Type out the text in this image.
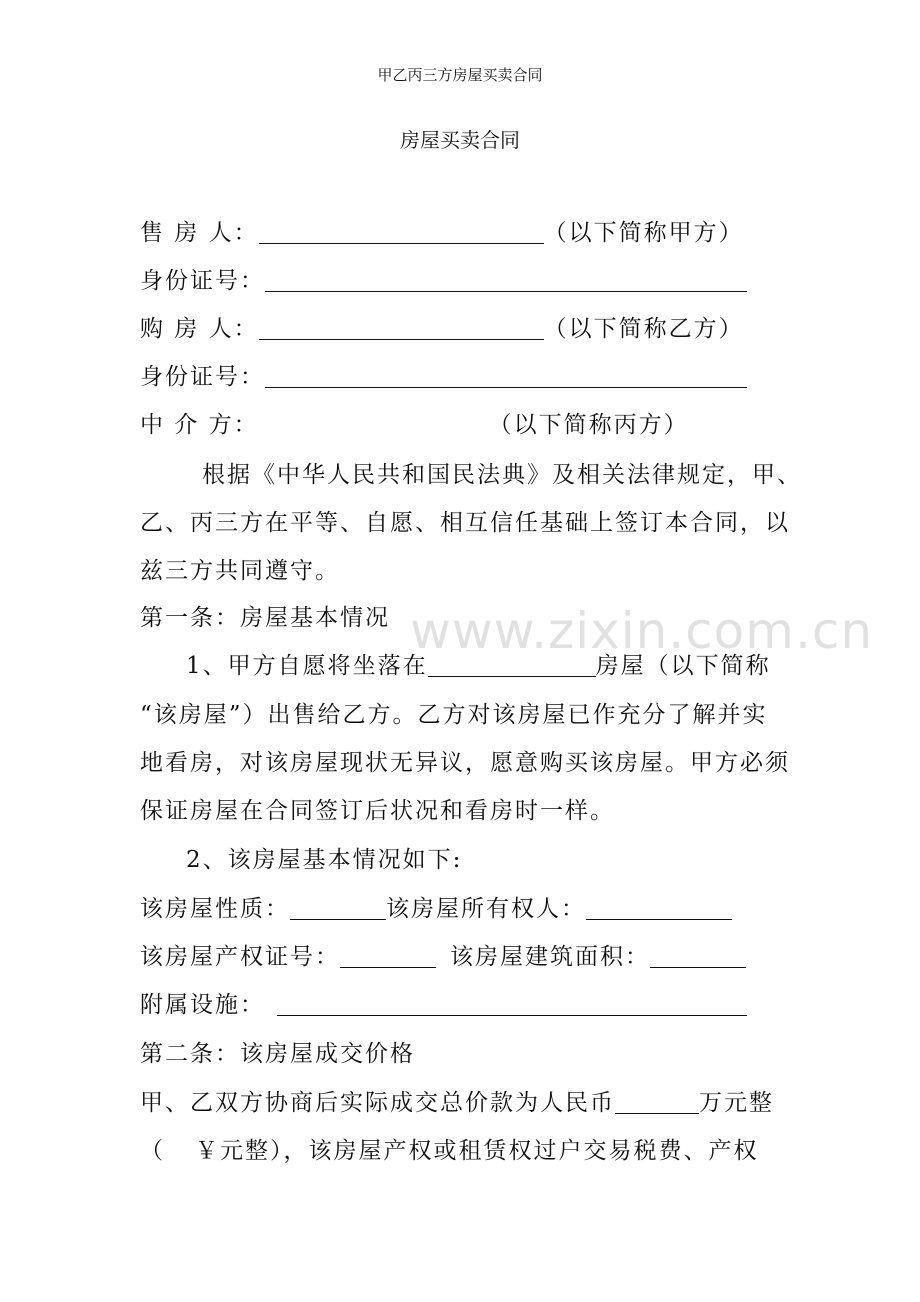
甲乙丙三方房屋买卖合同
房屋买卖合同
售 房 人：	（以下简称甲方）
身份证号：
购 房 人：	（以下简称乙方）
身份证号：
中 介 方：	（以下简称丙方）
根据《中华人民共和国民法典》及相关法律规定，甲、
乙、丙三方在平等、自愿、相互信任基础上签订本合同，以
兹三方共同遵守。
第一条：房屋基本情况
1、甲方自愿将坐落在	房屋（以下简称
“该房屋”）出售给乙方。乙方对该房屋已作充分了解并实
地看房，对该房屋现状无异议，愿意购买该房屋。甲方必须
保证房屋在合同签订后状况和看房时一样。
2、该房屋基本情况如下:
该房屋性质：	该房屋所有权人：
该房屋产权证号：	该房屋建筑面积：
附属设施：
第二条：该房屋成交价格
甲、乙双方协商后实际成交总价款为人民币	万元整
（ ￥元整），该房屋产权或租赁权过户交易税费、产权
www.zixin.com.cn
